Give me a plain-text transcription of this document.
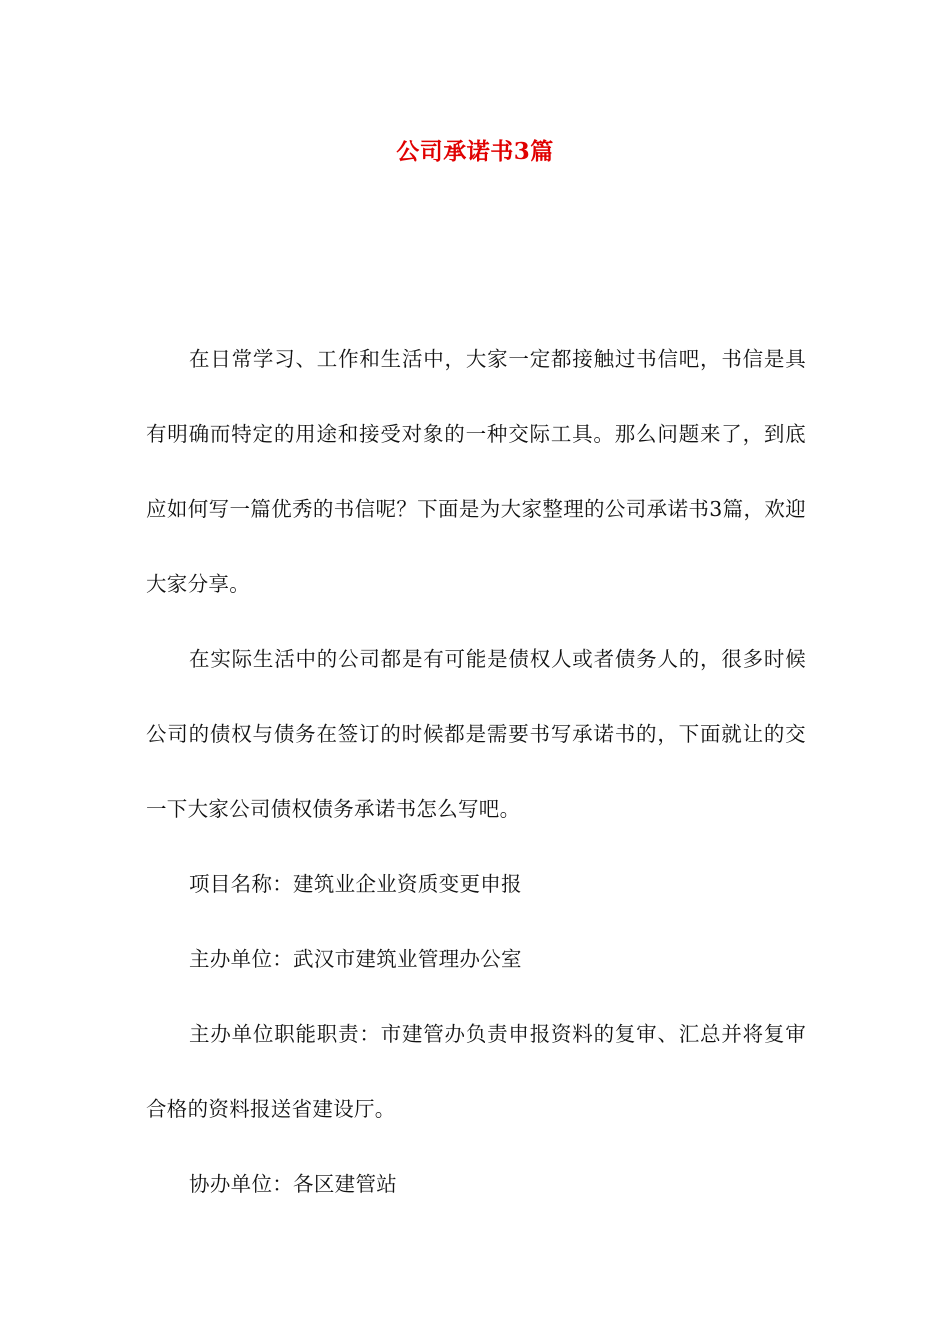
公司承诺书3篇

在日常学习、工作和生活中，大家一定都接触过书信吧，书信是具有明确而特定的用途和接受对象的一种交际工具。那么问题来了，到底应如何写一篇优秀的书信呢？下面是为大家整理的公司承诺书3篇，欢迎大家分享。

在实际生活中的公司都是有可能是债权人或者债务人的，很多时候公司的债权与债务在签订的时候都是需要书写承诺书的，下面就让的交一下大家公司债权债务承诺书怎么写吧。

项目名称：建筑业企业资质变更申报

主办单位：武汉市建筑业管理办公室

主办单位职能职责：市建管办负责申报资料的复审、汇总并将复审合格的资料报送省建设厅。

协办单位：各区建管站
